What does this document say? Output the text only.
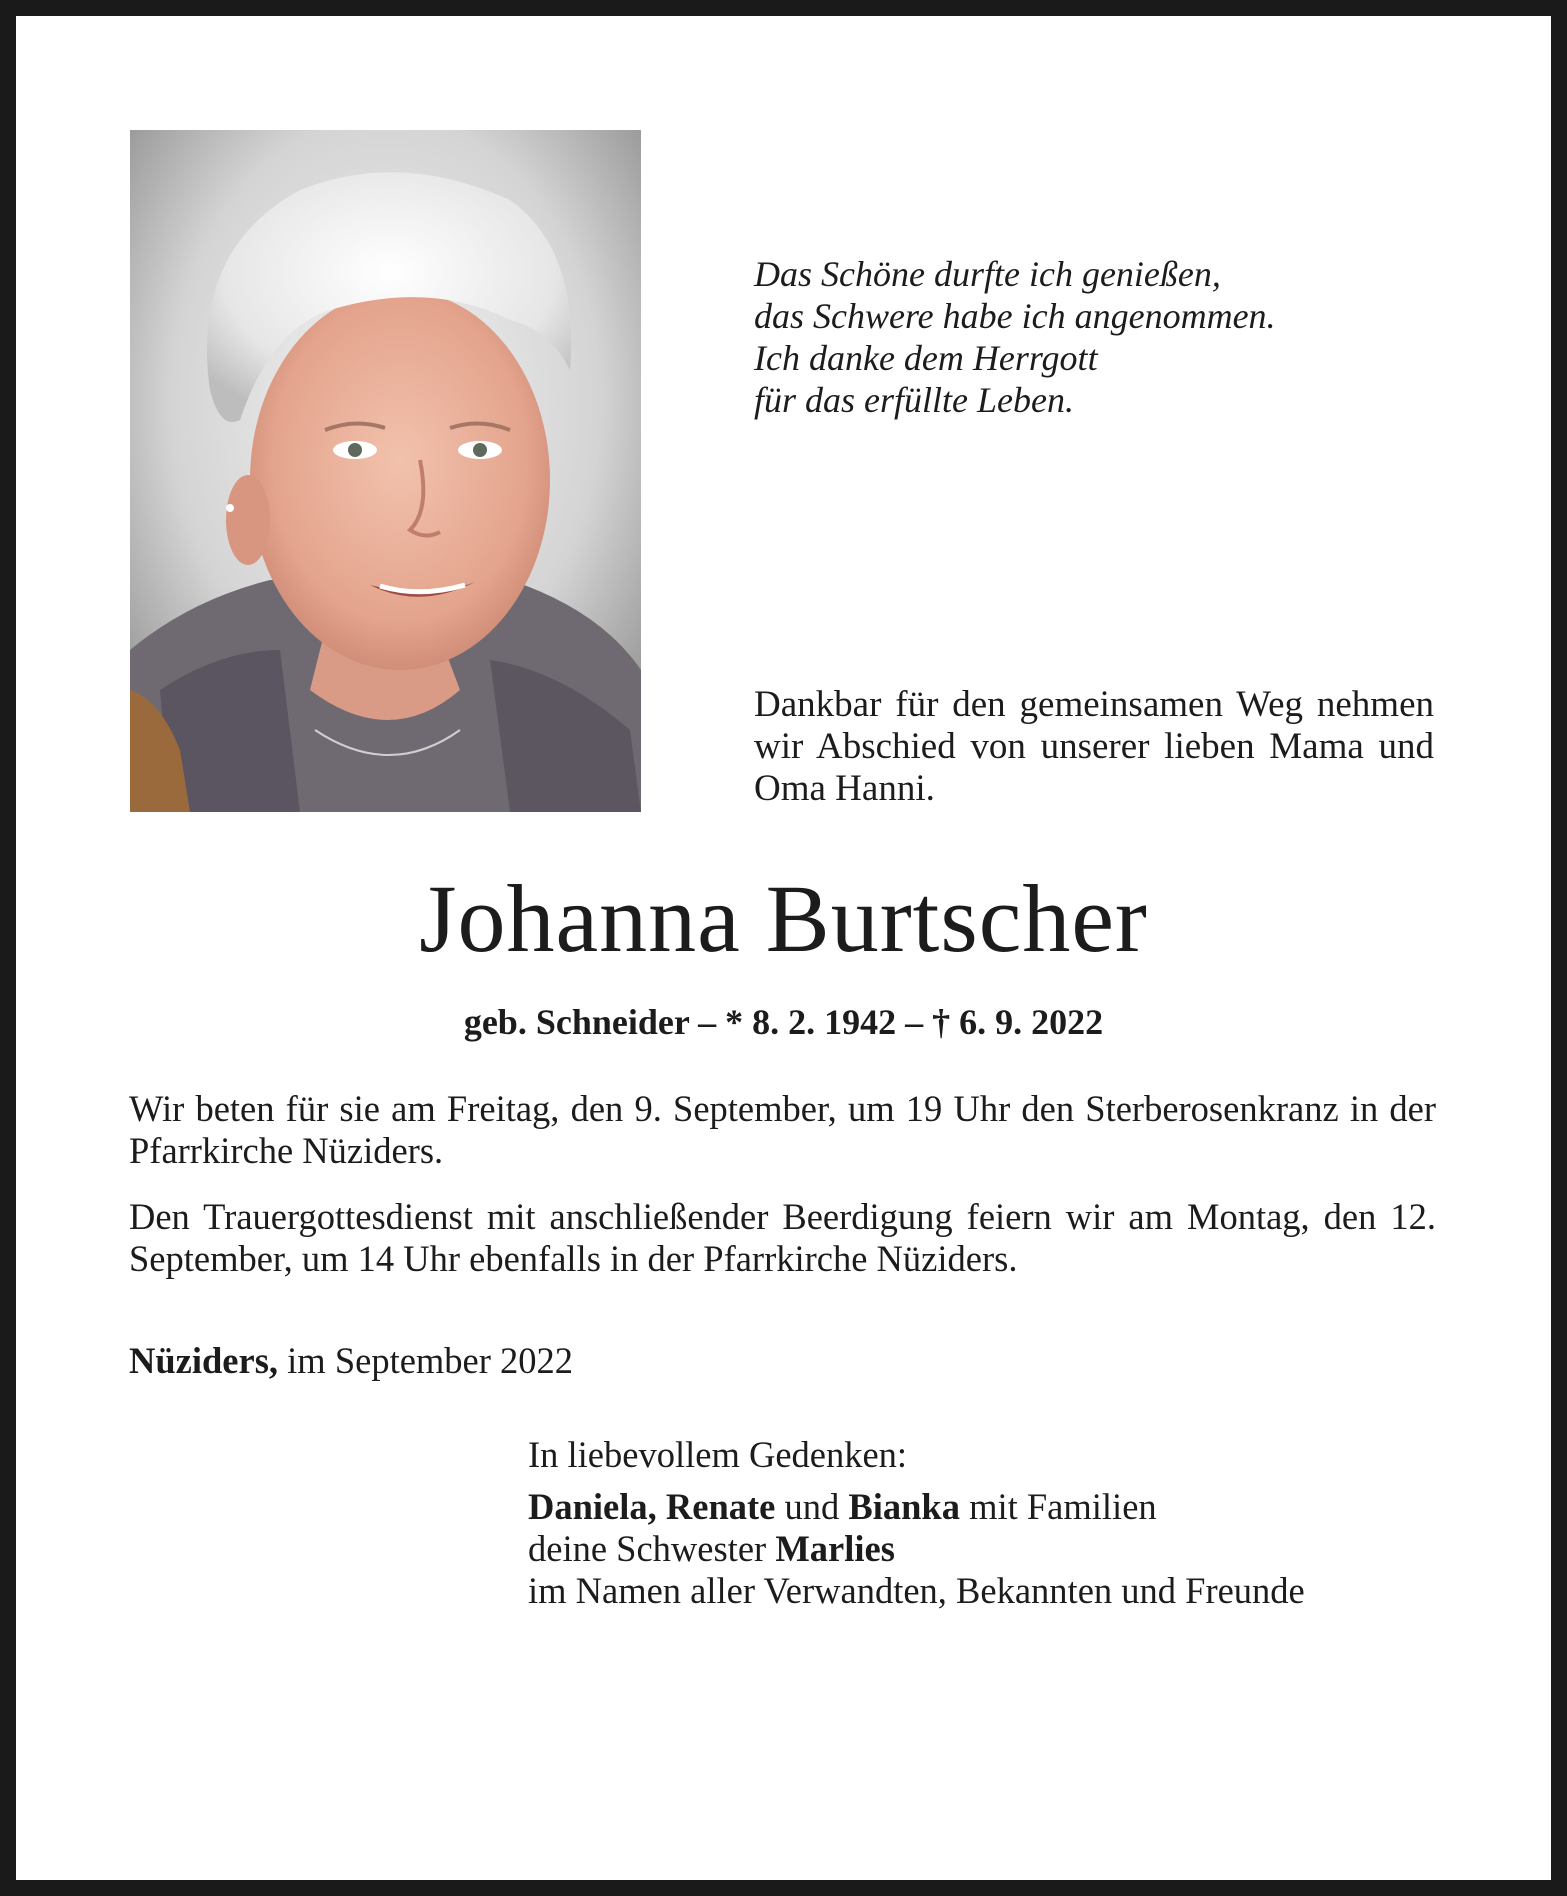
Das Schöne durfte ich genießen,
das Schwere habe ich angenommen.
Ich danke dem Herrgott
für das erfüllte Leben.

Dankbar für den gemeinsamen Weg nehmen wir Abschied von unserer lieben Mama und Oma Hanni.

Johanna Burtscher

geb. Schneider – * 8. 2. 1942 – † 6. 9. 2022

Wir beten für sie am Freitag, den 9. September, um 19 Uhr den Sterberosenkranz in der Pfarrkirche Nüziders.

Den Trauergottesdienst mit anschließender Beerdigung feiern wir am Montag, den 12. September, um 14 Uhr ebenfalls in der Pfarrkirche Nüziders.

Nüziders, im September 2022

In liebevollem Gedenken:
Daniela, Renate und Bianka mit Familien
deine Schwester Marlies
im Namen aller Verwandten, Bekannten und Freunde
